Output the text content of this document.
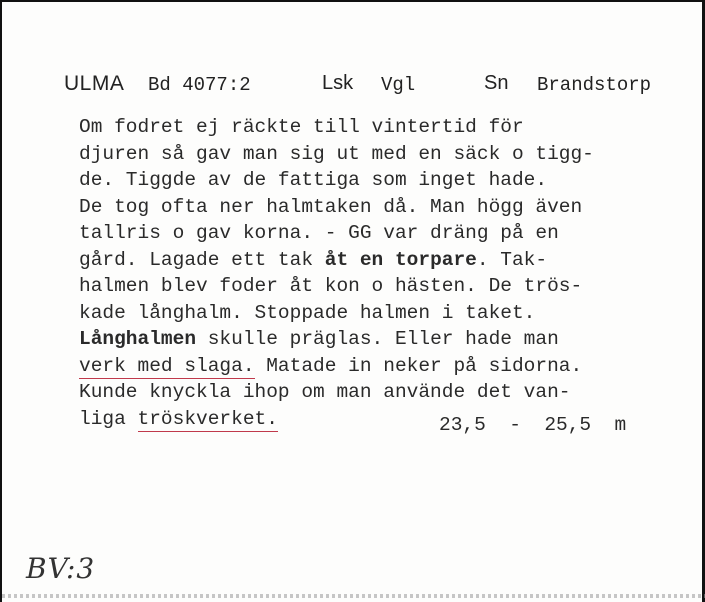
ULMA Bd 4077:2	Lsk Vgl	Sn Brandstorp
Om fodret ej räckte till vintertid för
djuren så gav man sig ut med en säck o tigg-
de. Tiggde av de fattiga som inget hade.
De tog ofta ner halmtaken då. Man högg även
tallris o gav korna. - GG var dräng på en
gård. Lagade ett tak åt en torpare. Tak-
halmen blev foder åt kon o hästen. De trös-
kade långhalm. Stoppade halmen i taket.
Långhalmen skulle präglas. Eller hade man
verk med slaga. Matade in neker på sidorna.
Kunde knyckla ihop om man använde det van-
liga tröskverket.	23,5  -  25,5  m
BV:3
